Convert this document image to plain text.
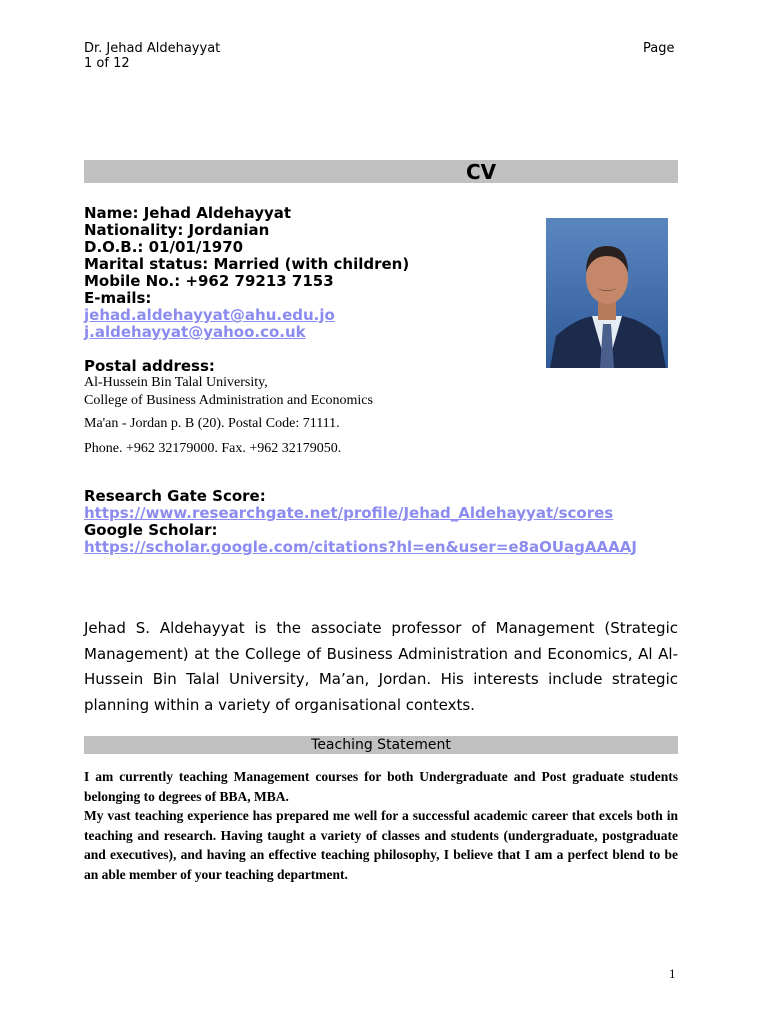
Dr. Jehad Aldehayyat
1 of 12
Page
CV
Name: Jehad Aldehayyat
Nationality: Jordanian
D.O.B.: 01/01/1970
Marital status: Married (with children)
Mobile No.: +962 79213 7153
E-mails:
jehad.aldehayyat@ahu.edu.jo
j.aldehayyat@yahoo.co.uk
Postal address:
Al-Hussein Bin Talal University,
College of Business Administration and Economics
Ma'an - Jordan p. B (20). Postal Code: 71111.
Phone. +962 32179000. Fax. +962 32179050.
Research Gate Score:
https://www.researchgate.net/profile/Jehad_Aldehayyat/scores
Google Scholar:
https://scholar.google.com/citations?hl=en&user=e8aOUagAAAAJ
Jehad S. Aldehayyat is the associate professor of Management (Strategic Management) at the College of Business Administration and Economics, Al Al-Hussein Bin Talal University, Ma’an, Jordan. His interests include strategic planning within a variety of organisational contexts.
Teaching Statement

I am currently teaching Management courses for both Undergraduate and Post graduate students belonging to degrees of BBA, MBA.

My vast teaching experience has prepared me well for a successful academic career that excels both in teaching and research. Having taught a variety of classes and students (undergraduate, postgraduate and executives), and having an effective teaching philosophy, I believe that I am a perfect blend to be an able member of your teaching department.

1
